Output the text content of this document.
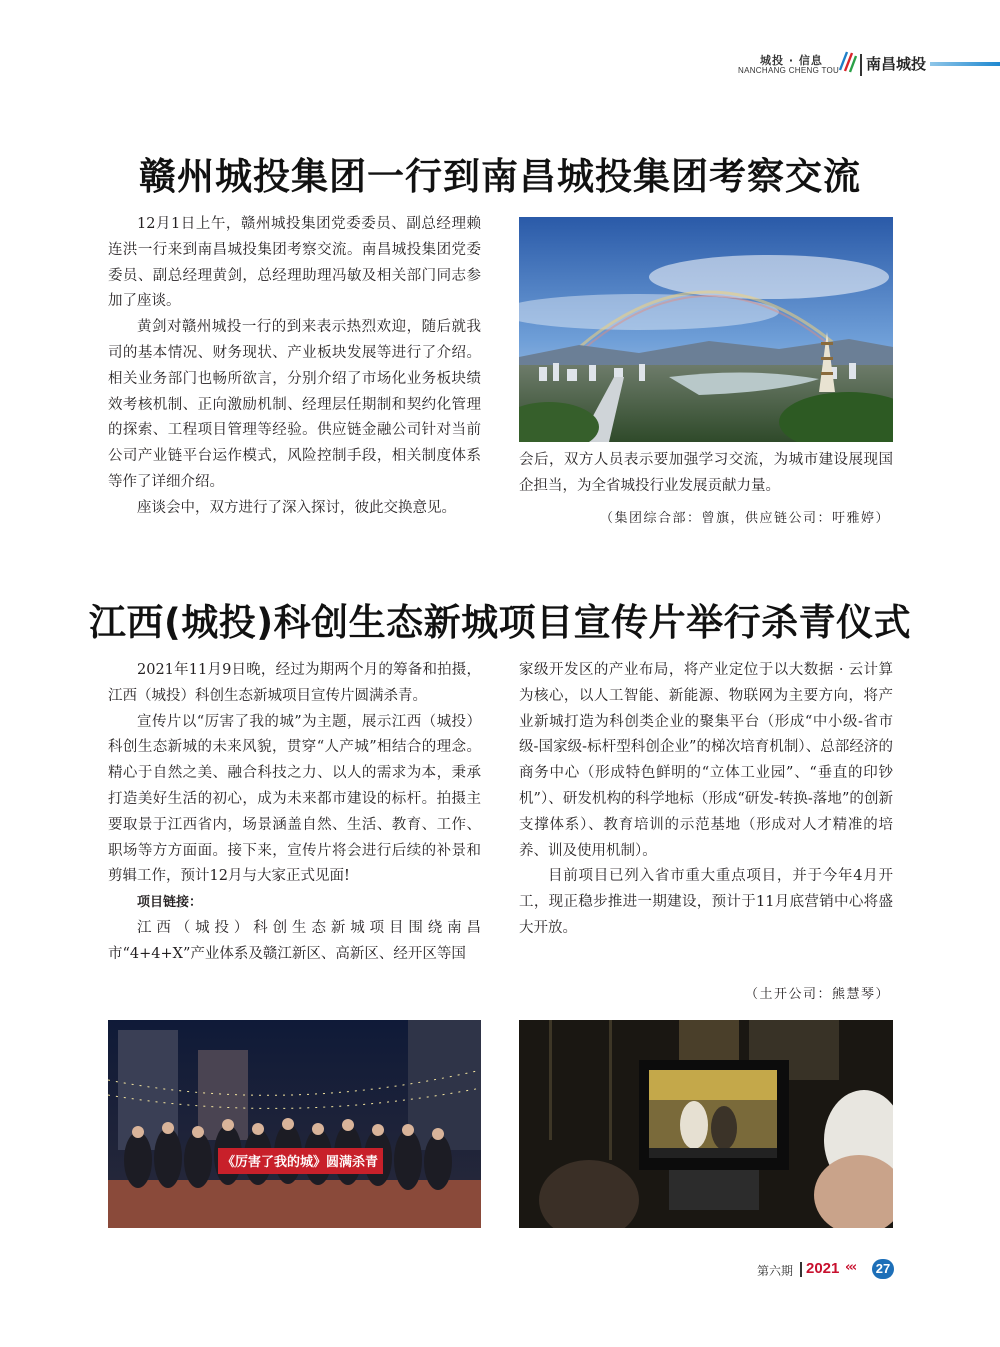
城投 · 信息
NANCHANG CHENG TOU 南昌城投
赣州城投集团一行到南昌城投集团考察交流

12月1日上午，赣州城投集团党委委员、副总经理赖连洪一行来到南昌城投集团考察交流。南昌城投集团党委委员、副总经理黄剑，总经理助理冯敏及相关部门同志参加了座谈。

黄剑对赣州城投一行的到来表示热烈欢迎，随后就我司的基本情况、财务现状、产业板块发展等进行了介绍。相关业务部门也畅所欲言，分别介绍了市场化业务板块绩效考核机制、正向激励机制、经理层任期制和契约化管理的探索、工程项目管理等经验。供应链金融公司针对当前公司产业链平台运作模式，风险控制手段，相关制度体系等作了详细介绍。

座谈会中，双方进行了深入探讨，彼此交换意见。

会后，双方人员表示要加强学习交流，为城市建设展现国企担当，为全省城投行业发展贡献力量。

（集团综合部：曾旗，供应链公司：吁雅婷）
江西(城投)科创生态新城项目宣传片举行杀青仪式

2021年11月9日晚，经过为期两个月的筹备和拍摄，江西（城投）科创生态新城项目宣传片圆满杀青。

宣传片以“厉害了我的城”为主题，展示江西（城投）科创生态新城的未来风貌，贯穿“人产城”相结合的理念。精心于自然之美、融合科技之力、以人的需求为本，秉承打造美好生活的初心，成为未来都市建设的标杆。拍摄主要取景于江西省内，场景涵盖自然、生活、教育、工作、职场等方方面面。接下来，宣传片将会进行后续的补景和剪辑工作，预计12月与大家正式见面!

项目链接：

江西（城投）科创生态新城项目围绕南昌市“4+4+X”产业体系及赣江新区、高新区、经开区等国

家级开发区的产业布局，将产业定位于以大数据 · 云计算为核心，以人工智能、新能源、物联网为主要方向，将产业新城打造为科创类企业的聚集平台（形成“中小级-省市级-国家级-标杆型科创企业”的梯次培育机制）、总部经济的商务中心（形成特色鲜明的“立体工业园”、“垂直的印钞机”）、研发机构的科学地标（形成“研发-转换-落地”的创新支撑体系）、教育培训的示范基地（形成对人才精准的培养、训及使用机制）。

目前项目已列入省市重大重点项目，并于今年4月开工，现正稳步推进一期建设，预计于11月底营销中心将盛大开放。

（土开公司：熊慧琴）
《厉害了我的城》圆满杀青
第六期 2021 ‹‹‹ 27
